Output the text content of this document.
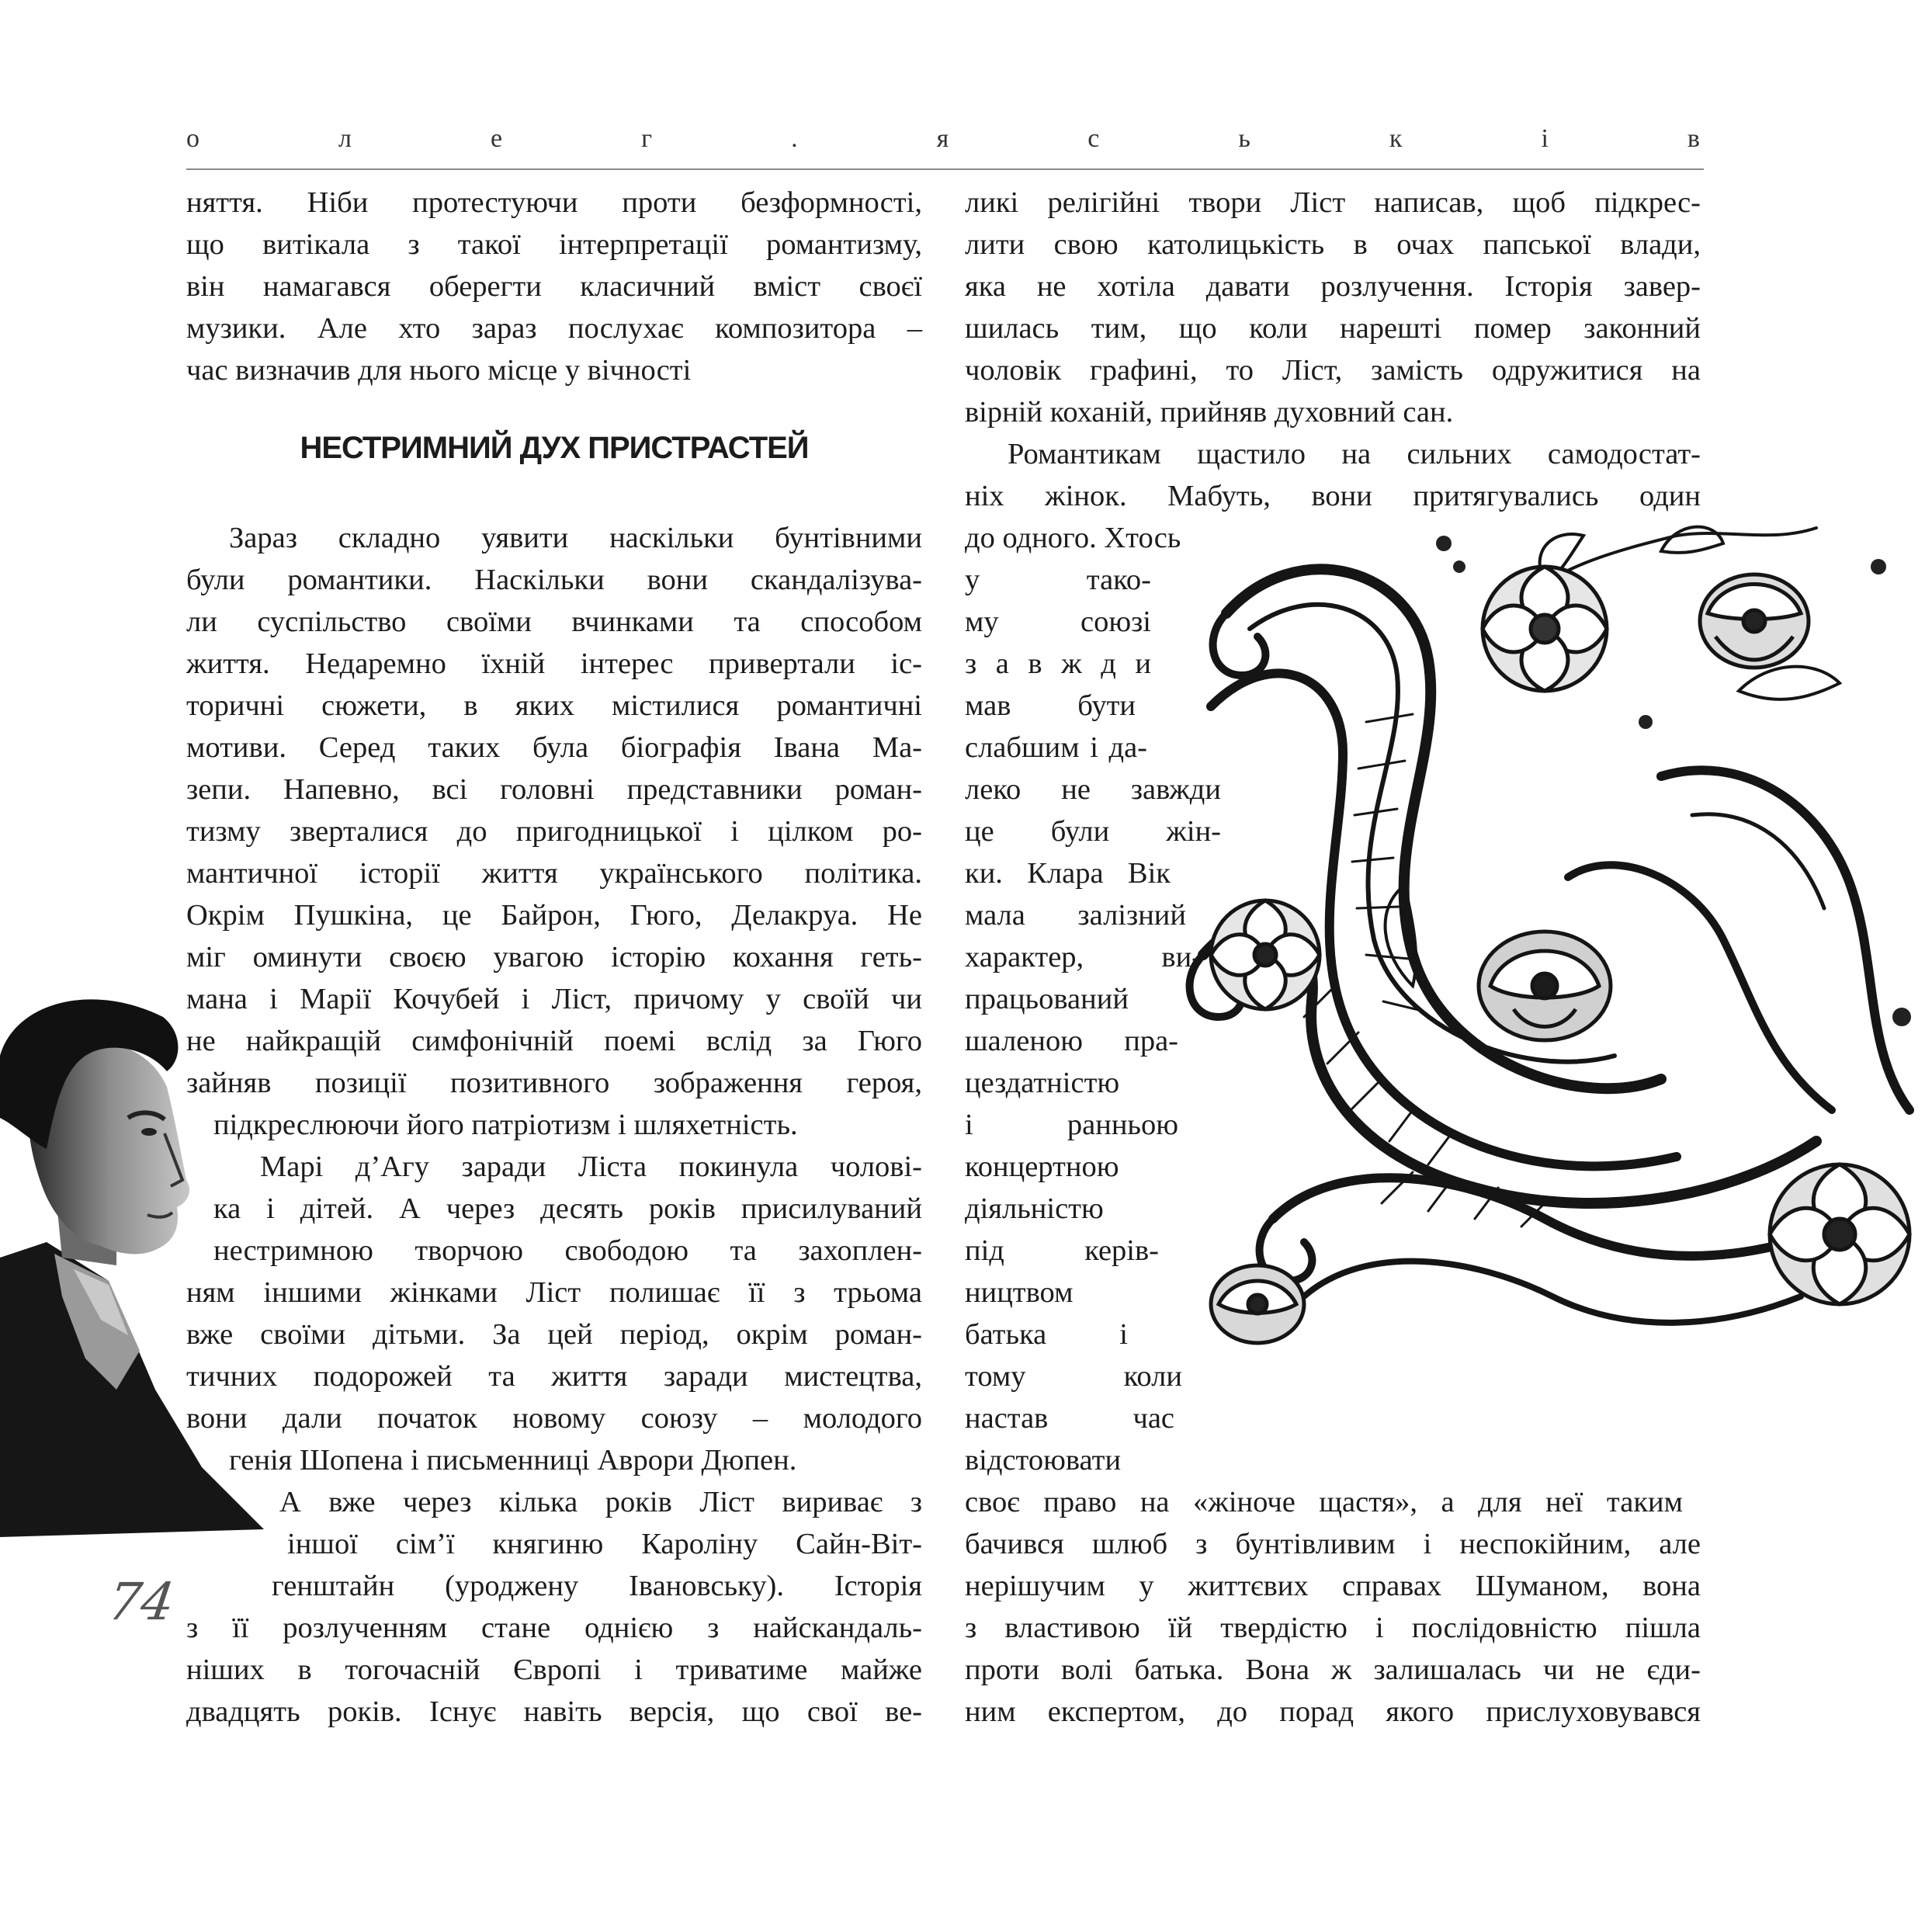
о	л	е	г	.	я	с	ь	к	і	в
няття. Ніби протестуючи проти безформності,
що витікала з такої інтерпретації романтизму,
він намагався оберегти класичний вміст своєї
музики. Але хто зараз послухає композитора –
час визначив для нього місце у вічності
НЕСТРИМНИЙ ДУХ ПРИСТРАСТЕЙ
Зараз складно уявити наскільки бунтівними
були романтики. Наскільки вони скандалізува-
ли суспільство своїми вчинками та способом
життя. Недаремно їхній інтерес привертали іс-
торичні сюжети, в яких містилися романтичні
мотиви. Серед таких була біографія Івана Ма-
зепи. Напевно, всі головні представники роман-
тизму зверталися до пригодницької і цілком ро-
мантичної історії життя українського політика.
Окрім Пушкіна, це Байрон, Гюго, Делакруа. Не
міг оминути своєю увагою історію кохання геть-
мана і Марії Кочубей і Ліст, причому у своїй чи
не найкращій симфонічній поемі вслід за Гюго
зайняв позиції позитивного зображення героя,
підкреслюючи його патріотизм і шляхетність.
Марі д’Агу заради Ліста покинула чолові-
ка і дітей. А через десять років присилуваний
нестримною творчою свободою та захоплен-
ням іншими жінками Ліст полишає її з трьома
вже своїми дітьми. За цей період, окрім роман-
тичних подорожей та життя заради мистецтва,
вони дали початок новому союзу – молодого
генія Шопена і письменниці Аврори Дюпен.
А вже через кілька років Ліст вириває з
іншої сім’ї княгиню Кароліну Сайн-Віт-
генштайн (уроджену Івановську). Історія
з її розлученням стане однією з найскандаль-
ніших в тогочасній Європі і триватиме майже
двадцять років. Існує навіть версія, що свої ве-
ликі релігійні твори Ліст написав, щоб підкрес-
лити свою католицькість в очах папської влади,
яка не хотіла давати розлучення. Історія завер-
шилась тим, що коли нарешті помер законний
чоловік графині, то Ліст, замість одружитися на
вірній коханій, прийняв духовний сан.
Романтикам щастило на сильних самодостат-
ніх жінок. Мабуть, вони притягувались один
до одного. Хтось
у тако-
му союзі
з а в ж д и
мав бути
слабшим і да-
леко не завжди
це були жін-
ки. Клара Вік
мала залізний
характер, ви-
працьований
шаленою пра-
цездатністю
і ранньою
концертною
діяльністю
під керів-
ництвом
батька і
тому коли
настав час
відстоювати
своє право на «жіноче щастя», а для неї таким
бачився шлюб з бунтівливим і неспокійним, але
нерішучим у життєвих справах Шуманом, вона
з властивою їй твердістю і послідовністю пішла
проти волі батька. Вона ж залишалась чи не єди-
ним експертом, до порад якого прислуховувався
74
